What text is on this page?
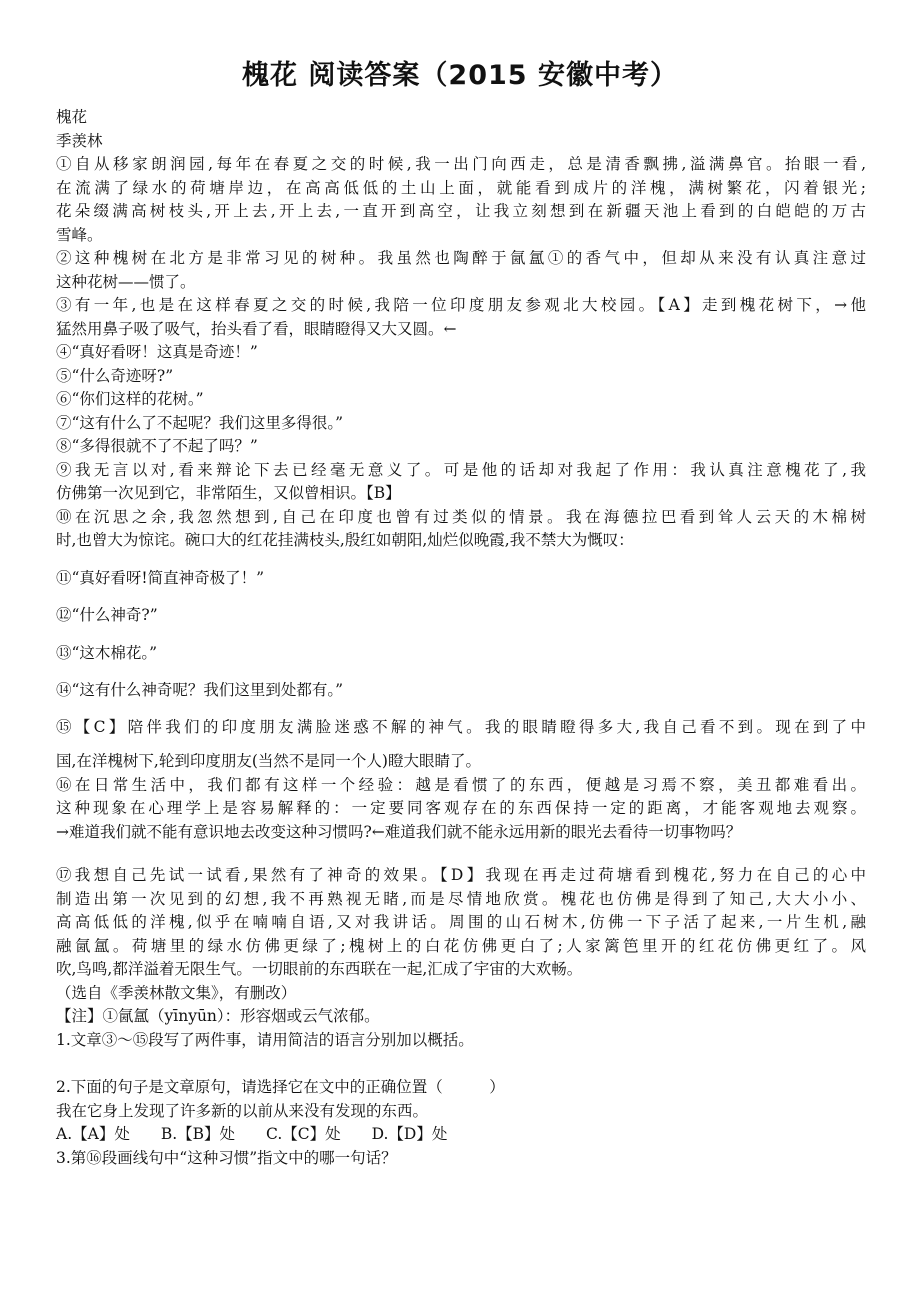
槐花 阅读答案（2015 安徽中考）
槐花
季羡林
①自从移家朗润园,每年在春夏之交的时候,我一出门向西走，总是清香飘拂,溢满鼻官。抬眼一看,
在流满了绿水的荷塘岸边，在高高低低的土山上面，就能看到成片的洋槐，满树繁花，闪着银光;
花朵缀满高树枝头,开上去,开上去,一直开到高空，让我立刻想到在新疆天池上看到的白皑皑的万古
雪峰。
②这种槐树在北方是非常习见的树种。我虽然也陶醉于氤氲①的香气中，但却从来没有认真注意过
这种花树——惯了。
③有一年,也是在这样春夏之交的时候,我陪一位印度朋友参观北大校园。【A】走到槐花树下，→他
猛然用鼻子吸了吸气，抬头看了看，眼睛瞪得又大又圆。←
④“真好看呀！这真是奇迹！”
⑤“什么奇迹呀?”
⑥“你们这样的花树。”
⑦“这有什么了不起呢？我们这里多得很。”
⑧“多得很就不了不起了吗？”
⑨我无言以对,看来辩论下去已经毫无意义了。可是他的话却对我起了作用：我认真注意槐花了,我
仿佛第一次见到它，非常陌生，又似曾相识。【B】
⑩在沉思之余,我忽然想到,自己在印度也曾有过类似的情景。我在海德拉巴看到耸人云天的木棉树
时,也曾大为惊诧。碗口大的红花挂满枝头,殷红如朝阳,灿烂似晚霞,我不禁大为慨叹：
⑪“真好看呀!简直神奇极了！”
⑫“什么神奇?”
⑬“这木棉花。”
⑭“这有什么神奇呢？我们这里到处都有。”
⑮【C】陪伴我们的印度朋友满脸迷惑不解的神气。我的眼睛瞪得多大,我自己看不到。现在到了中
国,在洋槐树下,轮到印度朋友(当然不是同一个人)瞪大眼睛了。
⑯在日常生活中，我们都有这样一个经验：越是看惯了的东西，便越是习焉不察，美丑都难看出。
这种现象在心理学上是容易解释的：一定要同客观存在的东西保持一定的距离，才能客观地去观察。
→难道我们就不能有意识地去改变这种习惯吗?←难道我们就不能永远用新的眼光去看待一切事物吗？
⑰我想自己先试一试看,果然有了神奇的效果。【D】我现在再走过荷塘看到槐花,努力在自己的心中
制造出第一次见到的幻想,我不再熟视无睹,而是尽情地欣赏。槐花也仿佛是得到了知己,大大小小、
高高低低的洋槐,似乎在喃喃自语,又对我讲话。周围的山石树木,仿佛一下子活了起来,一片生机,融
融氤氲。荷塘里的绿水仿佛更绿了;槐树上的白花仿佛更白了;人家篱笆里开的红花仿佛更红了。风
吹,鸟鸣,都洋溢着无限生气。一切眼前的东西联在一起,汇成了宇宙的大欢畅。
（选自《季羡林散文集》，有删改）
【注】①氤氲（yīnyūn）：形容烟或云气浓郁。
1.文章③～⑮段写了两件事，请用简洁的语言分别加以概括。
2.下面的句子是文章原句，请选择它在文中的正确位置（　　　）
我在它身上发现了许多新的以前从来没有发现的东西。
A.【A】处　　B.【B】处　　C.【C】处　　D.【D】处
3.第⑯段画线句中“这种习惯”指文中的哪一句话？
